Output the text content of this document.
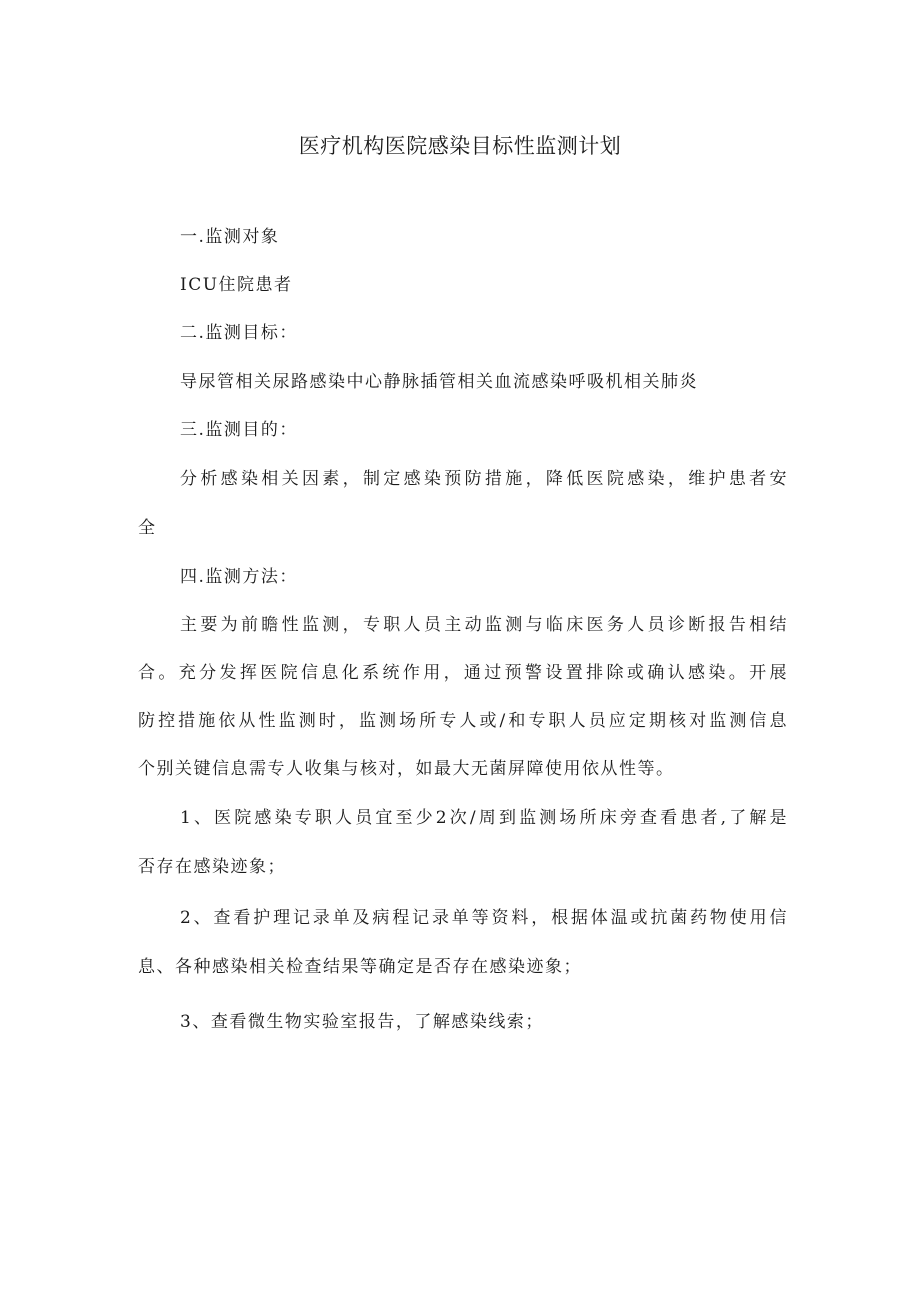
医疗机构医院感染目标性监测计划
一.监测对象
ICU住院患者
二.监测目标：
导尿管相关尿路感染中心静脉插管相关血流感染呼吸机相关肺炎
三.监测目的：
分析感染相关因素，制定感染预防措施，降低医院感染，维护患者安
全
四.监测方法：
主要为前瞻性监测，专职人员主动监测与临床医务人员诊断报告相结
合。充分发挥医院信息化系统作用，通过预警设置排除或确认感染。开展
防控措施依从性监测时，监测场所专人或/和专职人员应定期核对监测信息
个别关键信息需专人收集与核对，如最大无菌屏障使用依从性等。
1、医院感染专职人员宜至少2次/周到监测场所床旁查看患者,了解是
否存在感染迹象；
2、查看护理记录单及病程记录单等资料，根据体温或抗菌药物使用信
息、各种感染相关检查结果等确定是否存在感染迹象；
3、查看微生物实验室报告，了解感染线索；
